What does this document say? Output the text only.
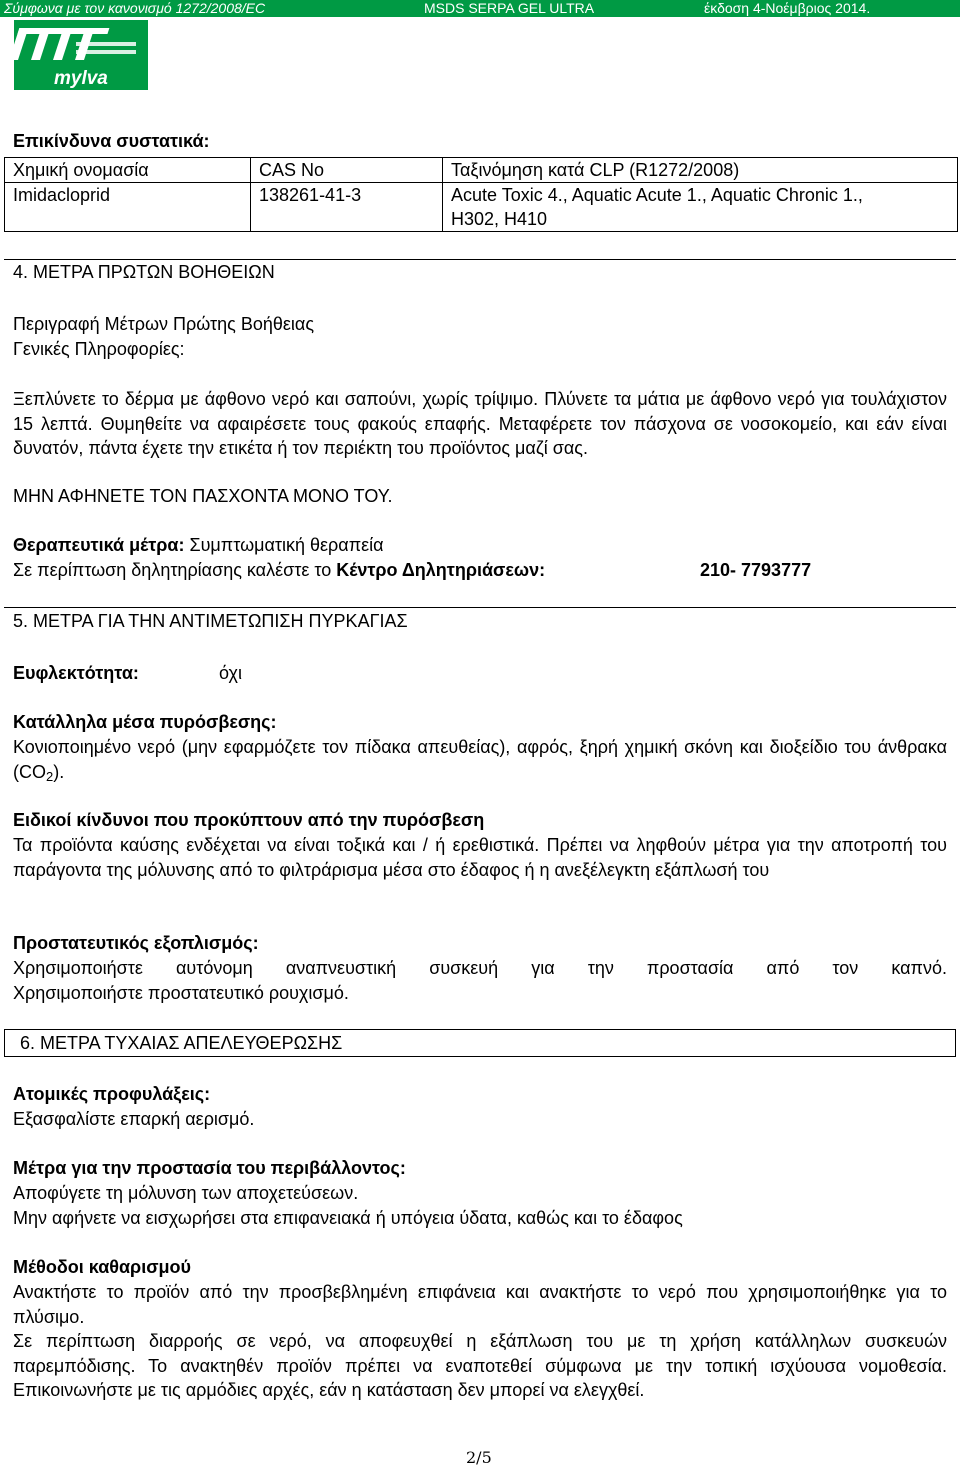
Σύμφωνα με τον κανονισμό 1272/2008/EC	MSDS SERPA GEL ULTRA	έκδοση 4-Νοέμβριος 2014.
mylva
Επικίνδυνα συστατικά:
Χημική ονομασία	CAS No	Ταξινόμηση κατά CLP (R1272/2008)
Imidacloprid	138261-41-3	Acute Toxic 4., Aquatic Acute 1., Aquatic Chronic 1.,
H302, H410
4. ΜΕΤΡΑ ΠΡΩΤΩΝ ΒΟΗΘΕΙΩΝ
Περιγραφή Μέτρων Πρώτης Βοήθειας
Γενικές Πληροφορίες:
Ξεπλύνετε το δέρμα με άφθονο νερό και σαπούνι, χωρίς τρίψιμο. Πλύνετε τα μάτια με άφθονο νερό για τουλάχιστον 15 λεπτά. Θυμηθείτε να αφαιρέσετε τους φακούς επαφής. Μεταφέρετε τον πάσχονα σε νοσοκομείο, και εάν είναι δυνατόν, πάντα έχετε την ετικέτα ή τον περιέκτη του προϊόντος μαζί σας.
ΜΗΝ ΑΦΗΝΕΤΕ ΤΟΝ ΠΑΣΧΟΝΤΑ ΜΟΝΟ ΤΟΥ.
Θεραπευτικά μέτρα: Συμπτωματική θεραπεία
Σε περίπτωση δηλητηρίασης καλέστε το Κέντρο Δηλητηριάσεων:	210- 7793777
5. ΜΕΤΡΑ ΓΙΑ ΤΗΝ ΑΝΤΙΜΕΤΩΠΙΣΗ ΠΥΡΚΑΓΙΑΣ
Ευφλεκτότητα:	όχι
Κατάλληλα μέσα πυρόσβεσης:
Κονιοποιημένο νερό (μην εφαρμόζετε τον πίδακα απευθείας), αφρός, ξηρή χημική σκόνη και διοξείδιο του άνθρακα $(CO_2)$.
Ειδικοί κίνδυνοι που προκύπτουν από την πυρόσβεση
Τα προϊόντα καύσης ενδέχεται να είναι τοξικά και / ή ερεθιστικά. Πρέπει να ληφθούν μέτρα για την αποτροπή του παράγοντα της μόλυνσης από το φιλτράρισμα μέσα στο έδαφος ή η ανεξέλεγκτη εξάπλωσή του
Προστατευτικός εξοπλισμός:
Χρησιμοποιήστε αυτόνομη αναπνευστική συσκευή για την προστασία από τον καπνό.
Χρησιμοποιήστε προστατευτικό ρουχισμό.
6. ΜΕΤΡΑ ΤΥΧΑΙΑΣ ΑΠΕΛΕΥΘΕΡΩΣΗΣ
Ατομικές προφυλάξεις:
Εξασφαλίστε επαρκή αερισμό.
Μέτρα για την προστασία του περιβάλλοντος:
Αποφύγετε τη μόλυνση των αποχετεύσεων.
Μην αφήνετε να εισχωρήσει στα επιφανειακά ή υπόγεια ύδατα, καθώς και το έδαφος
Μέθοδοι καθαρισμού
Ανακτήστε το προϊόν από την προσβεβλημένη επιφάνεια και ανακτήστε το νερό που χρησιμοποιήθηκε για το πλύσιμο.
Σε περίπτωση διαρροής σε νερό, να αποφευχθεί η εξάπλωση του με τη χρήση κατάλληλων συσκευών παρεμπόδισης. Το ανακτηθέν προϊόν πρέπει να εναποτεθεί σύμφωνα με την τοπική ισχύουσα νομοθεσία. Επικοινωνήστε με τις αρμόδιες αρχές, εάν η κατάσταση δεν μπορεί να ελεγχθεί.
2/5
